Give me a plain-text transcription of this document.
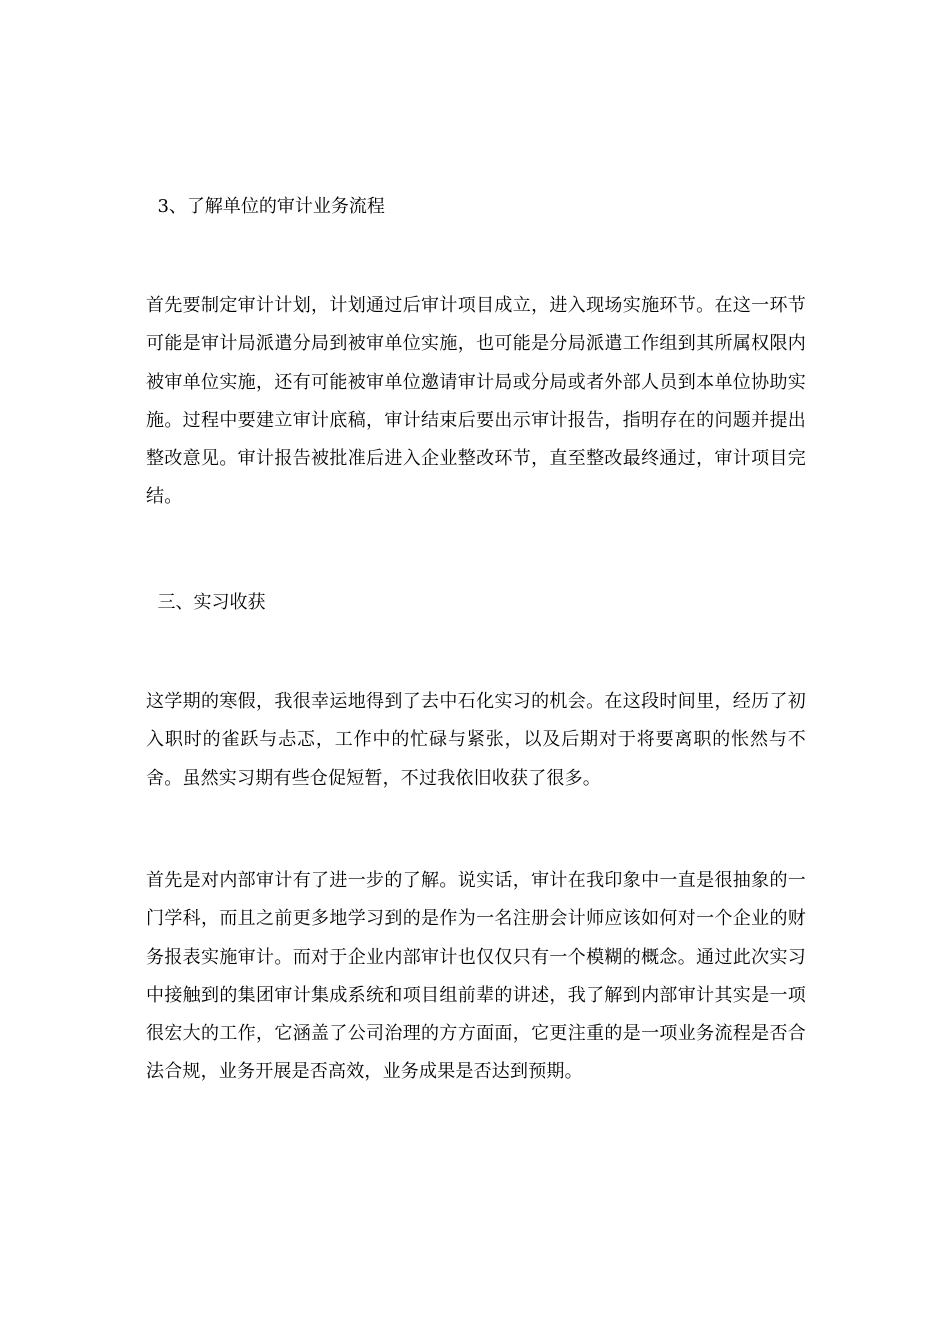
3、了解单位的审计业务流程

首先要制定审计计划，计划通过后审计项目成立，进入现场实施环节。在这一环节可能是审计局派遣分局到被审单位实施，也可能是分局派遣工作组到其所属权限内被审单位实施，还有可能被审单位邀请审计局或分局或者外部人员到本单位协助实施。过程中要建立审计底稿，审计结束后要出示审计报告，指明存在的问题并提出整改意见。审计报告被批准后进入企业整改环节，直至整改最终通过，审计项目完结。

三、实习收获

这学期的寒假，我很幸运地得到了去中石化实习的机会。在这段时间里，经历了初入职时的雀跃与忐忑，工作中的忙碌与紧张，以及后期对于将要离职的怅然与不舍。虽然实习期有些仓促短暂，不过我依旧收获了很多。

首先是对内部审计有了进一步的了解。说实话，审计在我印象中一直是很抽象的一门学科，而且之前更多地学习到的是作为一名注册会计师应该如何对一个企业的财务报表实施审计。而对于企业内部审计也仅仅只有一个模糊的概念。通过此次实习中接触到的集团审计集成系统和项目组前辈的讲述，我了解到内部审计其实是一项很宏大的工作，它涵盖了公司治理的方方面面，它更注重的是一项业务流程是否合法合规，业务开展是否高效，业务成果是否达到预期。
